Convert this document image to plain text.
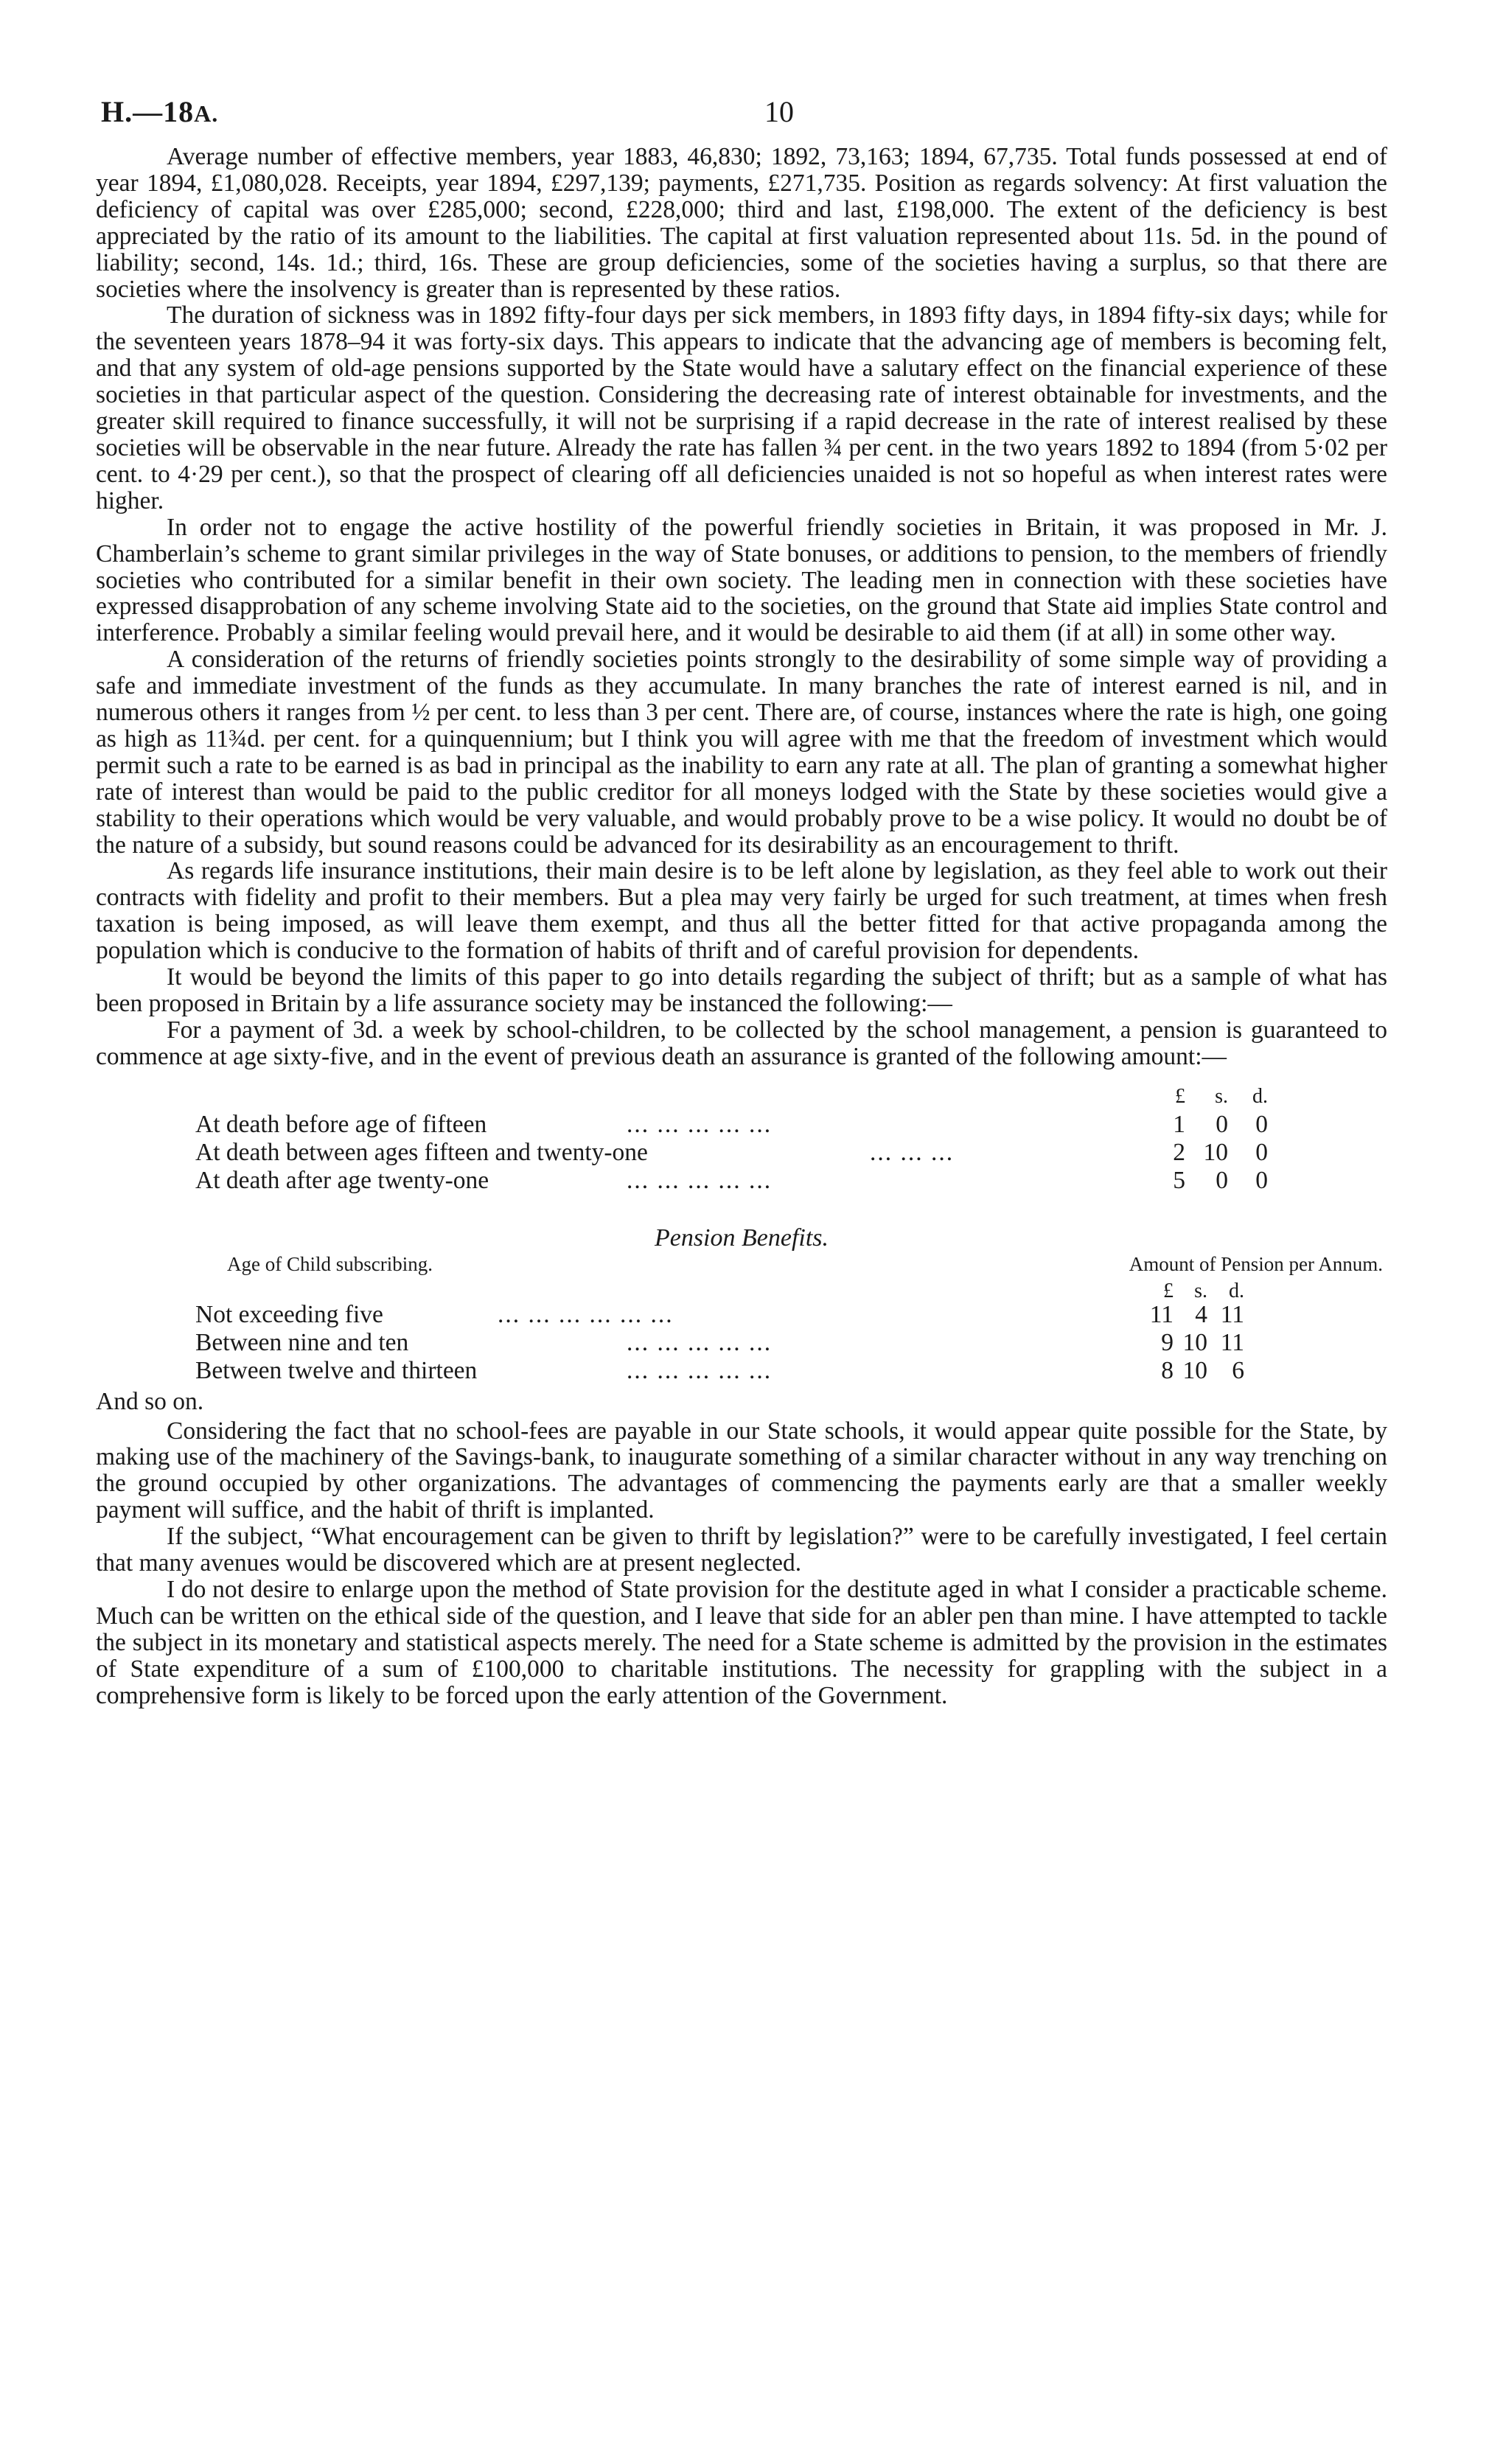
H.—18A.	10

Average number of effective members, year 1883, 46,830; 1892, 73,163; 1894, 67,735. Total funds possessed at end of year 1894, £1,080,028. Receipts, year 1894, £297,139; payments, £271,735. Position as regards solvency: At first valuation the deficiency of capital was over £285,000; second, £228,000; third and last, £198,000. The extent of the deficiency is best appreciated by the ratio of its amount to the liabilities. The capital at first valuation represented about 11s. 5d. in the pound of liability; second, 14s. 1d.; third, 16s. These are group deficiencies, some of the societies having a surplus, so that there are societies where the insolvency is greater than is represented by these ratios.

The duration of sickness was in 1892 fifty-four days per sick members, in 1893 fifty days, in 1894 fifty-six days; while for the seventeen years 1878–94 it was forty-six days. This appears to indicate that the advancing age of members is becoming felt, and that any system of old-age pensions supported by the State would have a salutary effect on the financial experience of these societies in that particular aspect of the question. Considering the decreasing rate of interest obtainable for investments, and the greater skill required to finance successfully, it will not be surprising if a rapid decrease in the rate of interest realised by these societies will be observable in the near future. Already the rate has fallen ¾ per cent. in the two years 1892 to 1894 (from 5·02 per cent. to 4·29 per cent.), so that the prospect of clearing off all deficiencies unaided is not so hopeful as when interest rates were higher.

In order not to engage the active hostility of the powerful friendly societies in Britain, it was proposed in Mr. J. Chamberlain’s scheme to grant similar privileges in the way of State bonuses, or additions to pension, to the members of friendly societies who contributed for a similar benefit in their own society. The leading men in connection with these societies have expressed disapprobation of any scheme involving State aid to the societies, on the ground that State aid implies State control and interference. Probably a similar feeling would prevail here, and it would be desirable to aid them (if at all) in some other way.

A consideration of the returns of friendly societies points strongly to the desirability of some simple way of providing a safe and immediate investment of the funds as they accumulate. In many branches the rate of interest earned is nil, and in numerous others it ranges from ½ per cent. to less than 3 per cent. There are, of course, instances where the rate is high, one going as high as 11¾d. per cent. for a quinquennium; but I think you will agree with me that the freedom of investment which would permit such a rate to be earned is as bad in principal as the inability to earn any rate at all. The plan of granting a somewhat higher rate of interest than would be paid to the public creditor for all moneys lodged with the State by these societies would give a stability to their operations which would be very valuable, and would probably prove to be a wise policy. It would no doubt be of the nature of a subsidy, but sound reasons could be advanced for its desirability as an encouragement to thrift.

As regards life insurance institutions, their main desire is to be left alone by legislation, as they feel able to work out their contracts with fidelity and profit to their members. But a plea may very fairly be urged for such treatment, at times when fresh taxation is being imposed, as will leave them exempt, and thus all the better fitted for that active propaganda among the population which is conducive to the formation of habits of thrift and of careful provision for dependents.

It would be beyond the limits of this paper to go into details regarding the subject of thrift; but as a sample of what has been proposed in Britain by a life assurance society may be instanced the following:—

For a payment of 3d. a week by school-children, to be collected by the school management, a pension is guaranteed to commence at age sixty-five, and in the event of previous death an assurance is granted of the following amount:—

£	s.	d.
At death before age of fifteen	... ... ... ... ...	1	0	0
At death between ages fifteen and twenty-one	... ... ...	2 10	0
At death after age twenty-one	... ... ... ... ...	5	0	0
Pension Benefits.
Age of Child subscribing.	Amount of Pension per Annum.
£	s.	d.
Not exceeding five	... ... ... ... ... ...	11 4 11
Between nine and ten	... ... ... ... ...	9 10 11
Between twelve and thirteen	... ... ... ... ...	8 10 6

And so on.

Considering the fact that no school-fees are payable in our State schools, it would appear quite possible for the State, by making use of the machinery of the Savings-bank, to inaugurate something of a similar character without in any way trenching on the ground occupied by other organizations. The advantages of commencing the payments early are that a smaller weekly payment will suffice, and the habit of thrift is implanted.

If the subject, “What encouragement can be given to thrift by legislation?” were to be carefully investigated, I feel certain that many avenues would be discovered which are at present neglected.

I do not desire to enlarge upon the method of State provision for the destitute aged in what I consider a practicable scheme. Much can be written on the ethical side of the question, and I leave that side for an abler pen than mine. I have attempted to tackle the subject in its monetary and statistical aspects merely. The need for a State scheme is admitted by the provision in the estimates of State expenditure of a sum of £100,000 to charitable institutions. The necessity for grappling with the subject in a comprehensive form is likely to be forced upon the early attention of the Government.
